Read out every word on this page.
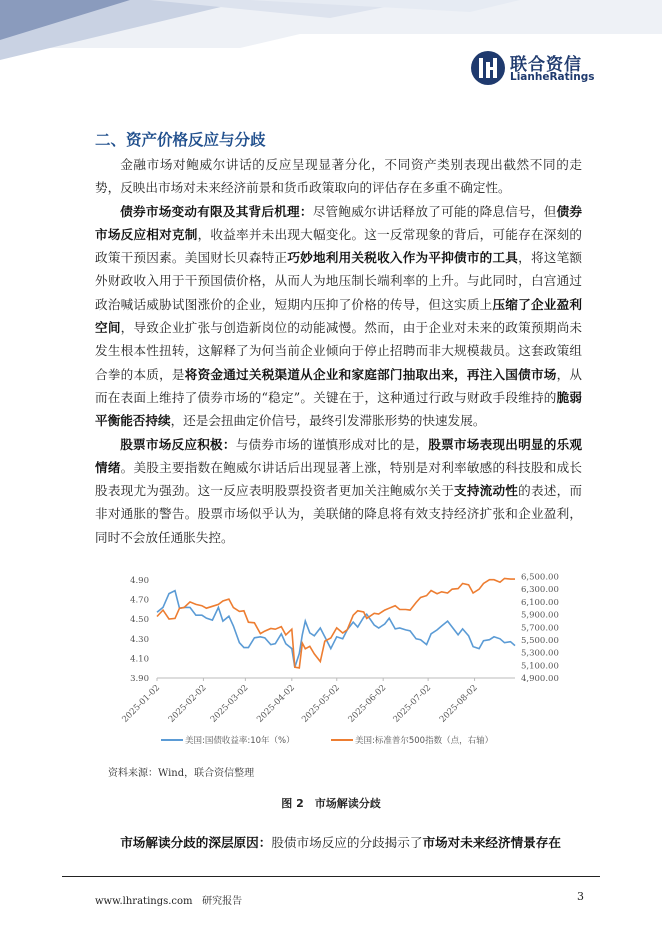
联合资信
LianheRatings
二、资产价格反应与分歧

金融市场对鲍威尔讲话的反应呈现显著分化，不同资产类别表现出截然不同的走势，反映出市场对未来经济前景和货币政策取向的评估存在多重不确定性。

债券市场变动有限及其背后机理：尽管鲍威尔讲话释放了可能的降息信号，但债券市场反应相对克制，收益率并未出现大幅变化。这一反常现象的背后，可能存在深刻的政策干预因素。美国财长贝森特正巧妙地利用关税收入作为平抑债市的工具，将这笔额外财政收入用于干预国债价格，从而人为地压制长端利率的上升。与此同时，白宫通过政治喊话威胁试图涨价的企业，短期内压抑了价格的传导，但这实质上压缩了企业盈利空间，导致企业扩张与创造新岗位的动能减慢。然而，由于企业对未来的政策预期尚未发生根本性扭转，这解释了为何当前企业倾向于停止招聘而非大规模裁员。这套政策组合拳的本质，是将资金通过关税渠道从企业和家庭部门抽取出来，再注入国债市场，从而在表面上维持了债券市场的“稳定”。关键在于，这种通过行政与财政手段维持的脆弱平衡能否持续，还是会扭曲定价信号，最终引发滞胀形势的快速发展。

股票市场反应积极：与债券市场的谨慎形成对比的是，股票市场表现出明显的乐观情绪。美股主要指数在鲍威尔讲话后出现显著上涨，特别是对利率敏感的科技股和成长股表现尤为强劲。这一反应表明股票投资者更加关注鲍威尔关于支持流动性的表述，而非对通胀的警告。股票市场似乎认为，美联储的降息将有效支持经济扩张和企业盈利，同时不会放任通胀失控。

4.90
4.70
4.50
4.30
4.10
3.90
6,500.00
6,300.00
6,100.00
5,900.00
5,700.00
5,500.00
5,300.00
5,100.00
4,900.00
2025-01-02 2025-02-02 2025-03-02 2025-04-02 2025-05-02 2025-06-02 2025-07-02 2025-08-02
美国:国债收益率:10年（%）	美国:标准普尔500指数（点，右轴）
资料来源：Wind，联合资信整理
图 2　市场解读分歧

市场解读分歧的深层原因：股债市场反应的分歧揭示了市场对未来经济情景存在

www.lhratings.com 研究报告	3
